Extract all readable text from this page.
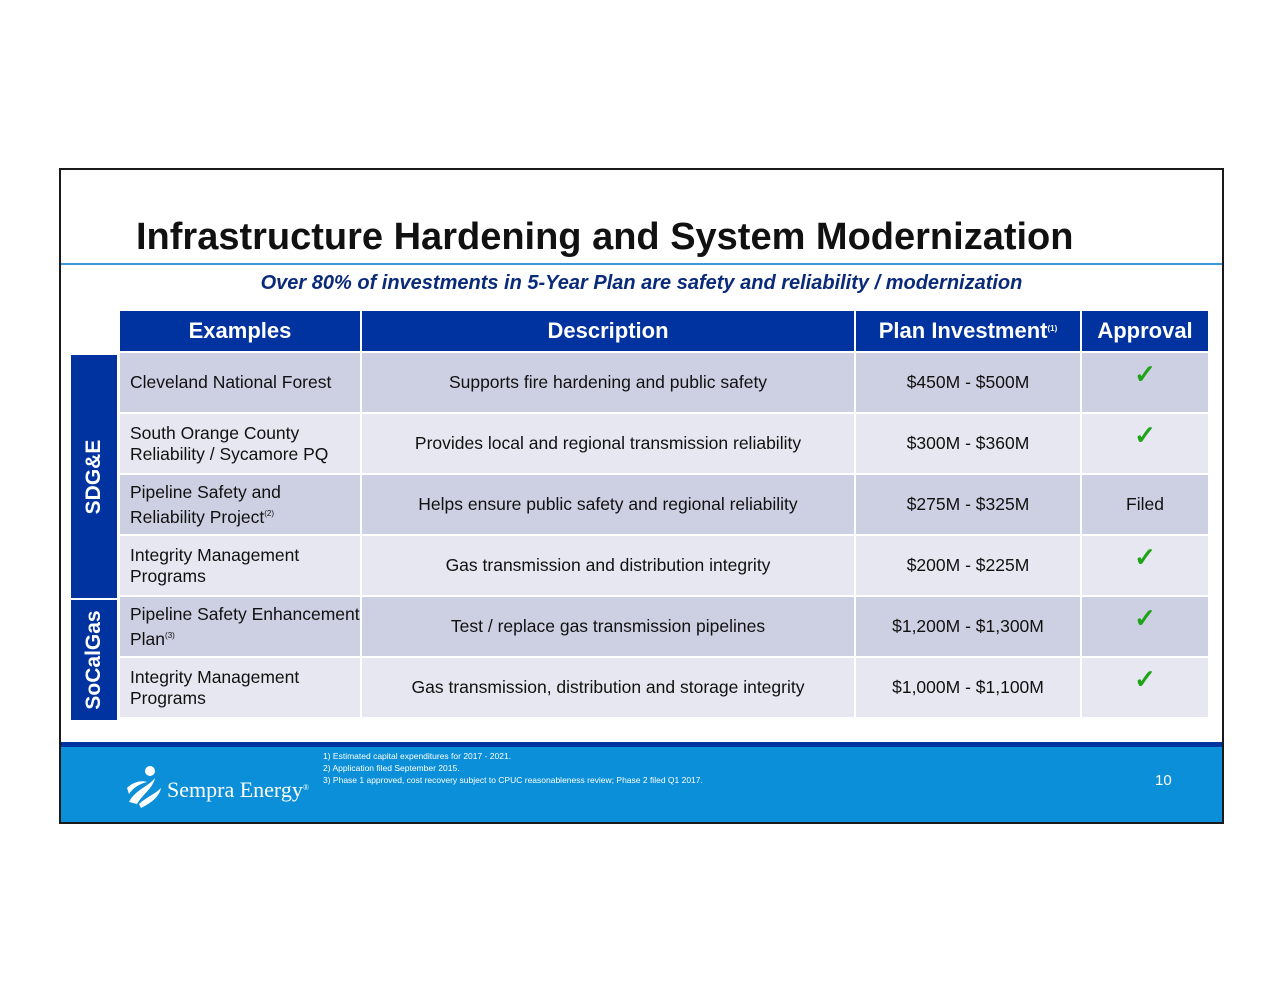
Infrastructure Hardening and System Modernization
Over 80% of investments in 5-Year Plan are safety and reliability / modernization
SDG&E
SoCalGas
Examples	Description	Plan Investment$^{(1)}$	Approval
Cleveland National Forest	Supports fire hardening and public safety	$450M - $500M	✓
South Orange County Reliability / Sycamore PQ	Provides local and regional transmission reliability	$300M - $360M	✓
Pipeline Safety and Reliability Project$^{(2)}$	Helps ensure public safety and regional reliability	$275M - $325M	Filed
Integrity Management Programs	Gas transmission and distribution integrity	$200M - $225M	✓
Pipeline Safety Enhancement Plan$^{(3)}$	Test / replace gas transmission pipelines	$1,200M - $1,300M	✓
Integrity Management Programs	Gas transmission, distribution and storage integrity	$1,000M - $1,100M	✓
Sempra Energy®
1) Estimated capital expenditures for 2017 - 2021.
2) Application filed September 2015.
3) Phase 1 approved, cost recovery subject to CPUC reasonableness review; Phase 2 filed Q1 2017.	10
